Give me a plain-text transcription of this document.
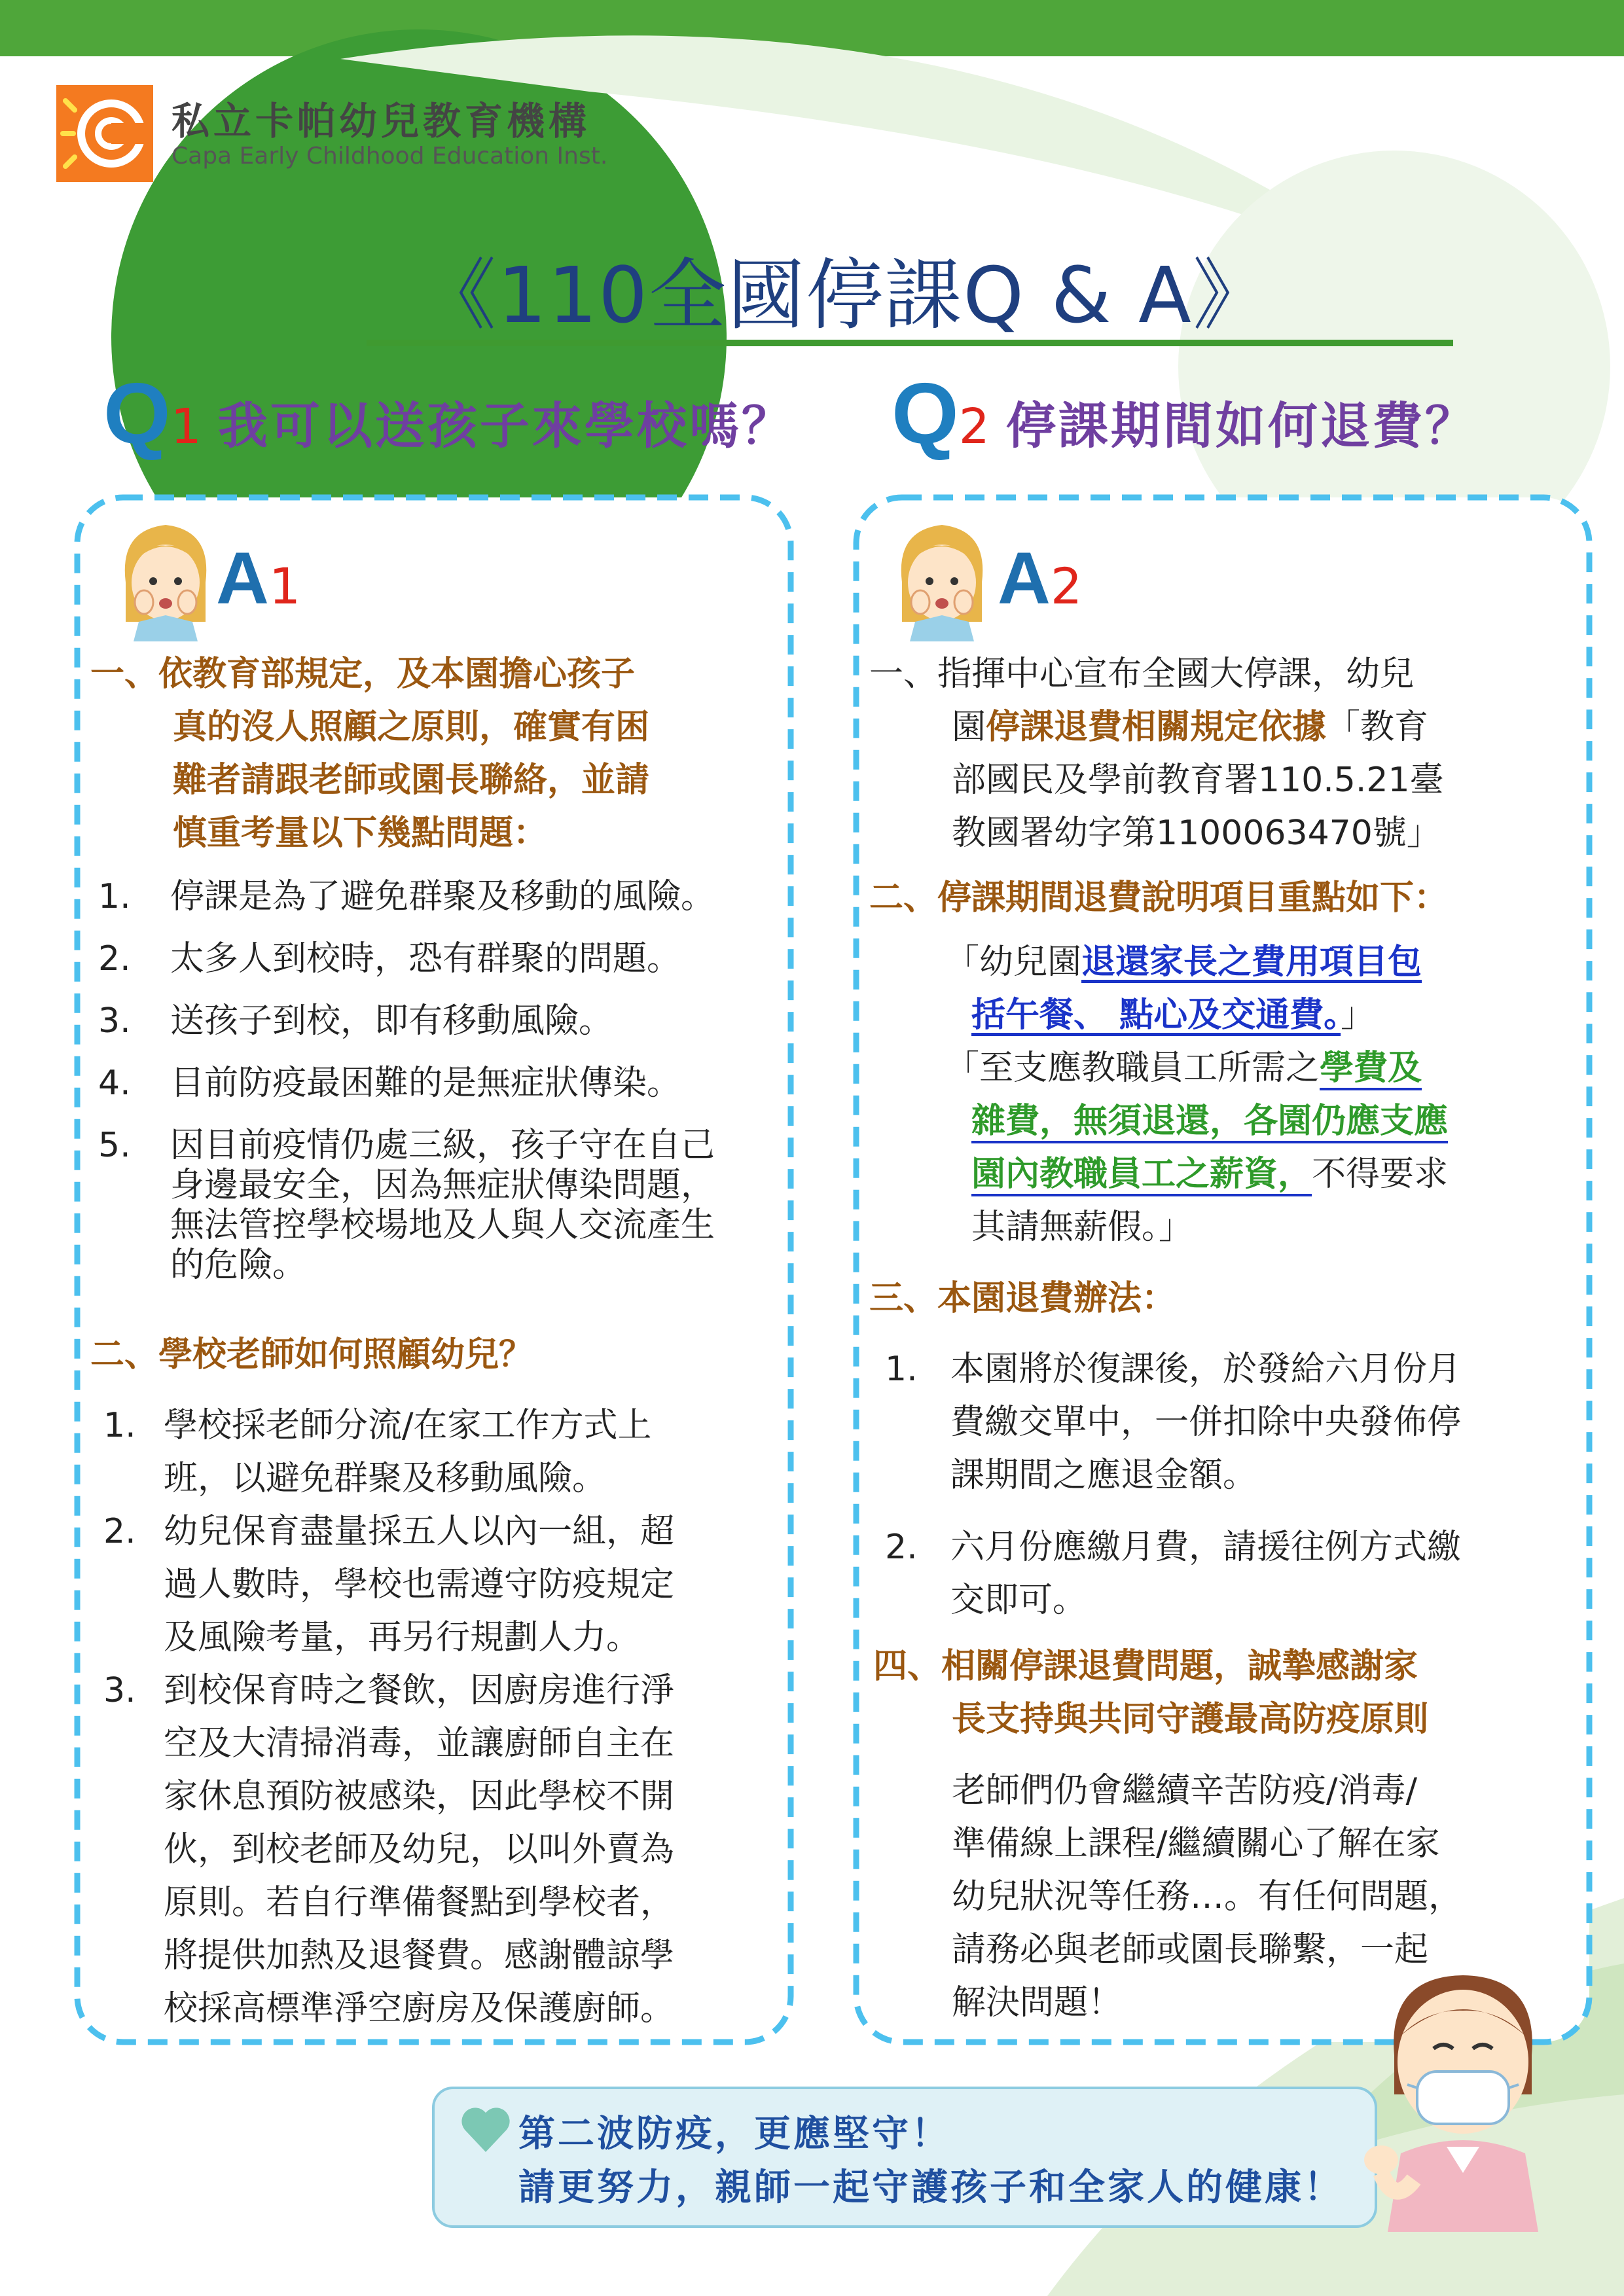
私立卡帕幼兒教育機構
Capa Early Childhood Education Inst.
《110全國停課Q & A》
Q1 我可以送孩子來學校嗎？ Q2 停課期間如何退費？
A1	A2
一、依教育部規定，及本園擔心孩子
真的沒人照顧之原則，確實有困
難者請跟老師或園長聯絡，並請
慎重考量以下幾點問題：
1. 停課是為了避免群聚及移動的風險。
2. 太多人到校時，恐有群聚的問題。
3. 送孩子到校，即有移動風險。
4. 目前防疫最困難的是無症狀傳染。
5. 因目前疫情仍處三級，孩子守在自己
身邊最安全，因為無症狀傳染問題，
無法管控學校場地及人與人交流產生
的危險。
二、學校老師如何照顧幼兒？
1. 學校採老師分流/在家工作方式上
班，以避免群聚及移動風險。
2. 幼兒保育盡量採五人以內一組，超
過人數時，學校也需遵守防疫規定
及風險考量，再另行規劃人力。
3. 到校保育時之餐飲，因廚房進行淨
空及大清掃消毒，並讓廚師自主在
家休息預防被感染，因此學校不開
伙，到校老師及幼兒，以叫外賣為
原則。若自行準備餐點到學校者，
將提供加熱及退餐費。感謝體諒學
校採高標準淨空廚房及保護廚師。
一、指揮中心宣布全國大停課，幼兒
園停課退費相關規定依據「教育
部國民及學前教育署110.5.21臺
教國署幼字第1100063470號」
二、停課期間退費說明項目重點如下：
「幼兒園退還家長之費用項目包
括午餐、 點心及交通費。」
「至支應教職員工所需之學費及
雜費，無須退還，各園仍應支應
園內教職員工之薪資，不得要求
其請無薪假。」
三、本園退費辦法：
1. 本園將於復課後，於發給六月份月
費繳交單中，一併扣除中央發佈停
課期間之應退金額。
2. 六月份應繳月費，請援往例方式繳
交即可。
四、相關停課退費問題，誠摯感謝家
長支持與共同守護最高防疫原則
老師們仍會繼續辛苦防疫/消毒/
準備線上課程/繼續關心了解在家
幼兒狀況等任務…。有任何問題，
請務必與老師或園長聯繫，一起
解決問題！
第二波防疫，更應堅守！
請更努力，親師一起守護孩子和全家人的健康！
